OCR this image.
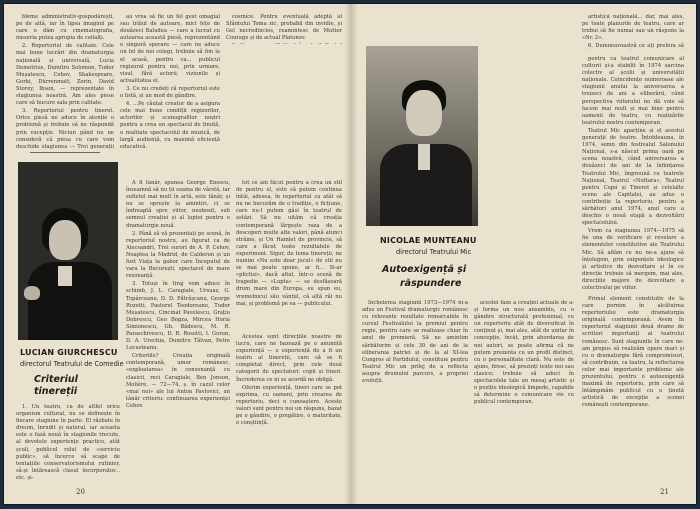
bleme administrativ-gospodărești, pe de altă, iar în lipsa imaginii pe care o dăm cu cinematografia, meseria putea apropia de ceilalți.

2. Repertoriul de calitate. Cele mai bune lucrări din dramaturgia națională și universală, Lucia Demetrius, Dumitru Solomon, Tudor Mușatescu, Cehov, Shakespeare, Gorki, Dürrenmatt, Zorin, David Storey, Ibsen, — reprezentate în stagiunea noastră. Am ales piese care să bucure sala prin calitate.

3. Repertoriul pentru tineret. Orice piesă ne aduce în atenție o problemă și trebuie să ne răspundă prin excepție. Niciun gând nu ne consideră că piesa cu care vom deschide stagiunea — Trei generații

au vrea să fie un fel gest omagial sau trăiul de autoare, mici fețe de douăzeci Baludea — care a lucrat cu autoarea această piesă, reprezentând o singură sperare — care ne aduce un fel de noi colegi, trebuie să fim la el acasă, pentru ca... publicul regizoral pentru noi, prin urmare, visul, fără actorii, viziunile și actualitatea ei.

3. Ce nu credeți că repertoriul este o listă, și un mod de gândire.

4. ...Pe căutat creator de a asigura cele mai bune condiții regizorilor, actorilor și scenografilor noștri pentru a crea un spectacol de ținută, o realitate spectacolul de muzică, de largă audiență, cu maximă eficiență educativă.

cosmice. Pentru eventuală adeptă al Sfântului Toma zic, probabil din invidie, și Gel necredincios, reamintesc de Mutter Courage și de actual Platonov.

LUCIAN GIURCHESCU
directorul Teatrului de Comedie
Criteriul
tinereții

1. Un teatru, ca de altfel orice organism cultural, nu se definește în fiecare stagiune în parte. El răzbate în dreum, înrudit și natural, iar aceasta este o fază nouă în stagiunile trecute, al devotele experiențe practice, atât școli, publicul rolul de «serviciu public», să încerce să scape de tentațiile conservatorismului rutinier, să-și întărească clasul încorporator... etc. și-

A fi tânăr, spunea George Enescu, înseamnă să nu ții seama de vârstă, iar sufletul mai mult în artă, este tânăr, și nu se oprește la amintiri, ci se îndreaptă spre viitor, neobosit, sub semnul creației și al luptei pentru o dramaturgie nouă.

2. Până să vă prezentați pe scenă, în repertoriul nostru, au figurat ca de Alecsandri, Trei surori de A. P. Cehov, Noaptea la Madrid, de Calderon și un fost Viața la gabor care Începutul de vara la București, spectacol de mare rezonanță.

3. Totuși în tiraj vom aduce în schimb, J. L. Caragiale, Ursuaz, G. Topârceanu, D. D. Pătrășcanu, George Rozetti, Pastorel Teodoreanu, Tudor Mușatescu, Cincinat Pavelescu, Grațiu Dobrescu, Geo Bogza, Mircea Horia Simionescu, Gh. Bădescu, M. R. Paraschivescu, D. R. Rosetti, I. Gorun, D. A. Urechia, Dumitru Tâlvan, Petre Locusteanu.

Criteriile? Creația originală contemporană, umor românesc, «exploatarea» în consonanță cu clasicii, reci Caragiale, Ben Jonson, Molière, — 72—74, ș. în cazul celor «mai noi» ale lui Anton Pavlovici, un tânăr criteriu: continuarea experienței Cehov.

tot ce am făcut pentru a crea un stil de pentru el, este să putem continua întâi, adesea, în repertoriul ca atât să nu ne bucurăm de o tradiție, o ficțiune, care nu-l putem găsi în teatrul de astăzi. Să nu uităm că creația contemporană lărgește raza de a descoperi multe alte valori, până atunci străine, și Un Hamlet de provincie, să care a făcut toate rezultatele de experiment. Sigur, de tema tinereții, ne numim «Nu este doar jocul» de stil nu se mai poate spune, ar fi... Si-ar «plictisi», dacă altul, într-o scenă de tragedie — «Lupta» — se desfășoară drum mare din Europa, eu spun eu, vremelnicul său vântul, că altă răi nu mai, și problemă pe ea — publicului.

Acestea sunt direcțiile noastre de lucru, care ne bazează pe o anumită experiență — o experiență de a fi un teatru al tinereții, care să se fi completat direct, prin cele două categorii de spectatori: copii și tineri. Încrederea ce ni se acordă ne obligă.

Oferim experiență, tineri care se pot exprima, cu oameni, prin crearea de repertoriu, deci o cunoaștere. Aceste valori sunt pentru noi un răspuns, bazat pe o gândire, o pregătire, o maturitate, o conștiință.

20

artistică națională... dar, mai ales, pe toate planurile de teatru, care ar trebui să fie numai sau un răspuns la «Nr. 2».

6. Dumneavoastră ce ați prefera să

NICOLAE MUNTEANU
directorul Teatrului Mic
Autoexigență și
răspundere

Încheierea stagiunii 1973—1974 ni-a adus un Festival dramaturgic românesc cu relevante rezultate remarcabile în cursul Festivalului la premiul pentru regie, pentru care se realizase chiar în anul de premieră. Să ne amintim sărbătorim și cele 30 de ani de la eliberarea patriei și de la al XI-lea Congres al Partidului, constituie pentru Teatrul Mic un prilej de a reflecta asupra drumului parcurs, a propriei evoluții.

acestei faze a creației actuale de a-și forma un nou ansamblu, cu o gândire structurată profesional, cu un repertoriu atât de diversificat în conținut și, mai ales, atât de unitar în concepție, încât, prin abordarea de noi autori, se poate afirma că ne putem prezenta cu un profil distinct, cu o personalitate clară. Nu este de ajuns, firesc, să prezinți texte noi sau clasice; trebuie să aduci în spectacolele tale un mesaj artistic și o poziție ideologică limpede, capabile să determine o comunicare vie cu publicul contemporan.

pentru ca teatrul comunicare al culturii și-a stabilit în 1974 sarcina colectiv al școlii și universității naționale. Coincidențe numeroase ale stagiunii anului la aniversarea a treizeci de ani a eliberării, când perspectiva viitorului ne dă voie să facem mai mult și mai bine pentru oamenii de teatru, cu realizările teatrului nostru contemporan.

Teatrul Mic aparține și el acestui generații de teatre. Întotdeauna, în 1974, semn din festivalul Salonului Național, s-a născut prima oară pe scena noastră, când aniversarea a douăzeci de ani de la înființarea Teatrului Mic, împreună cu teatrele Național, Teatrul «Nottara», Teatrul pentru Copii și Tineret și celelalte scene ale Capitalei, au adus o contribuție la repertoriu, pentru a sărbători anul 1974, anul care a deschis o nouă etapă a dezvoltării spectacolului.

Vrem ca stagiunea 1974—1975 să fie una de verificare și revelare a elementelor constitutive ale Teatrului Mic. Să aflăm ce nu ne-a ajuns să înțelegem, prin exigențele ideologice și artistice de dezvoltare și în ce direcție trebuie să mergem, mai ales, direcțiile majore de dezvoltare a colectivului pe viitor.

Primul element constitutiv de la care pornim în alcătuirea repertoriului este dramaturgia originală contemporană. Avem în repertoriul stagiunii două drame de scriitori importanți ai teatrului românesc. Sunt stagiunile în care ne-am propus să realizăm opere mari și cu o dramaturgie fără compromisuri, să contribuim, ca teatru, la reflectarea celor mai importante probleme ale prezentului, pentru o autoexigență maximă de repertoriu, prin care să întâmpinăm publicul cu o ținută artistică de excepție a scenei românești contemporane.

21
